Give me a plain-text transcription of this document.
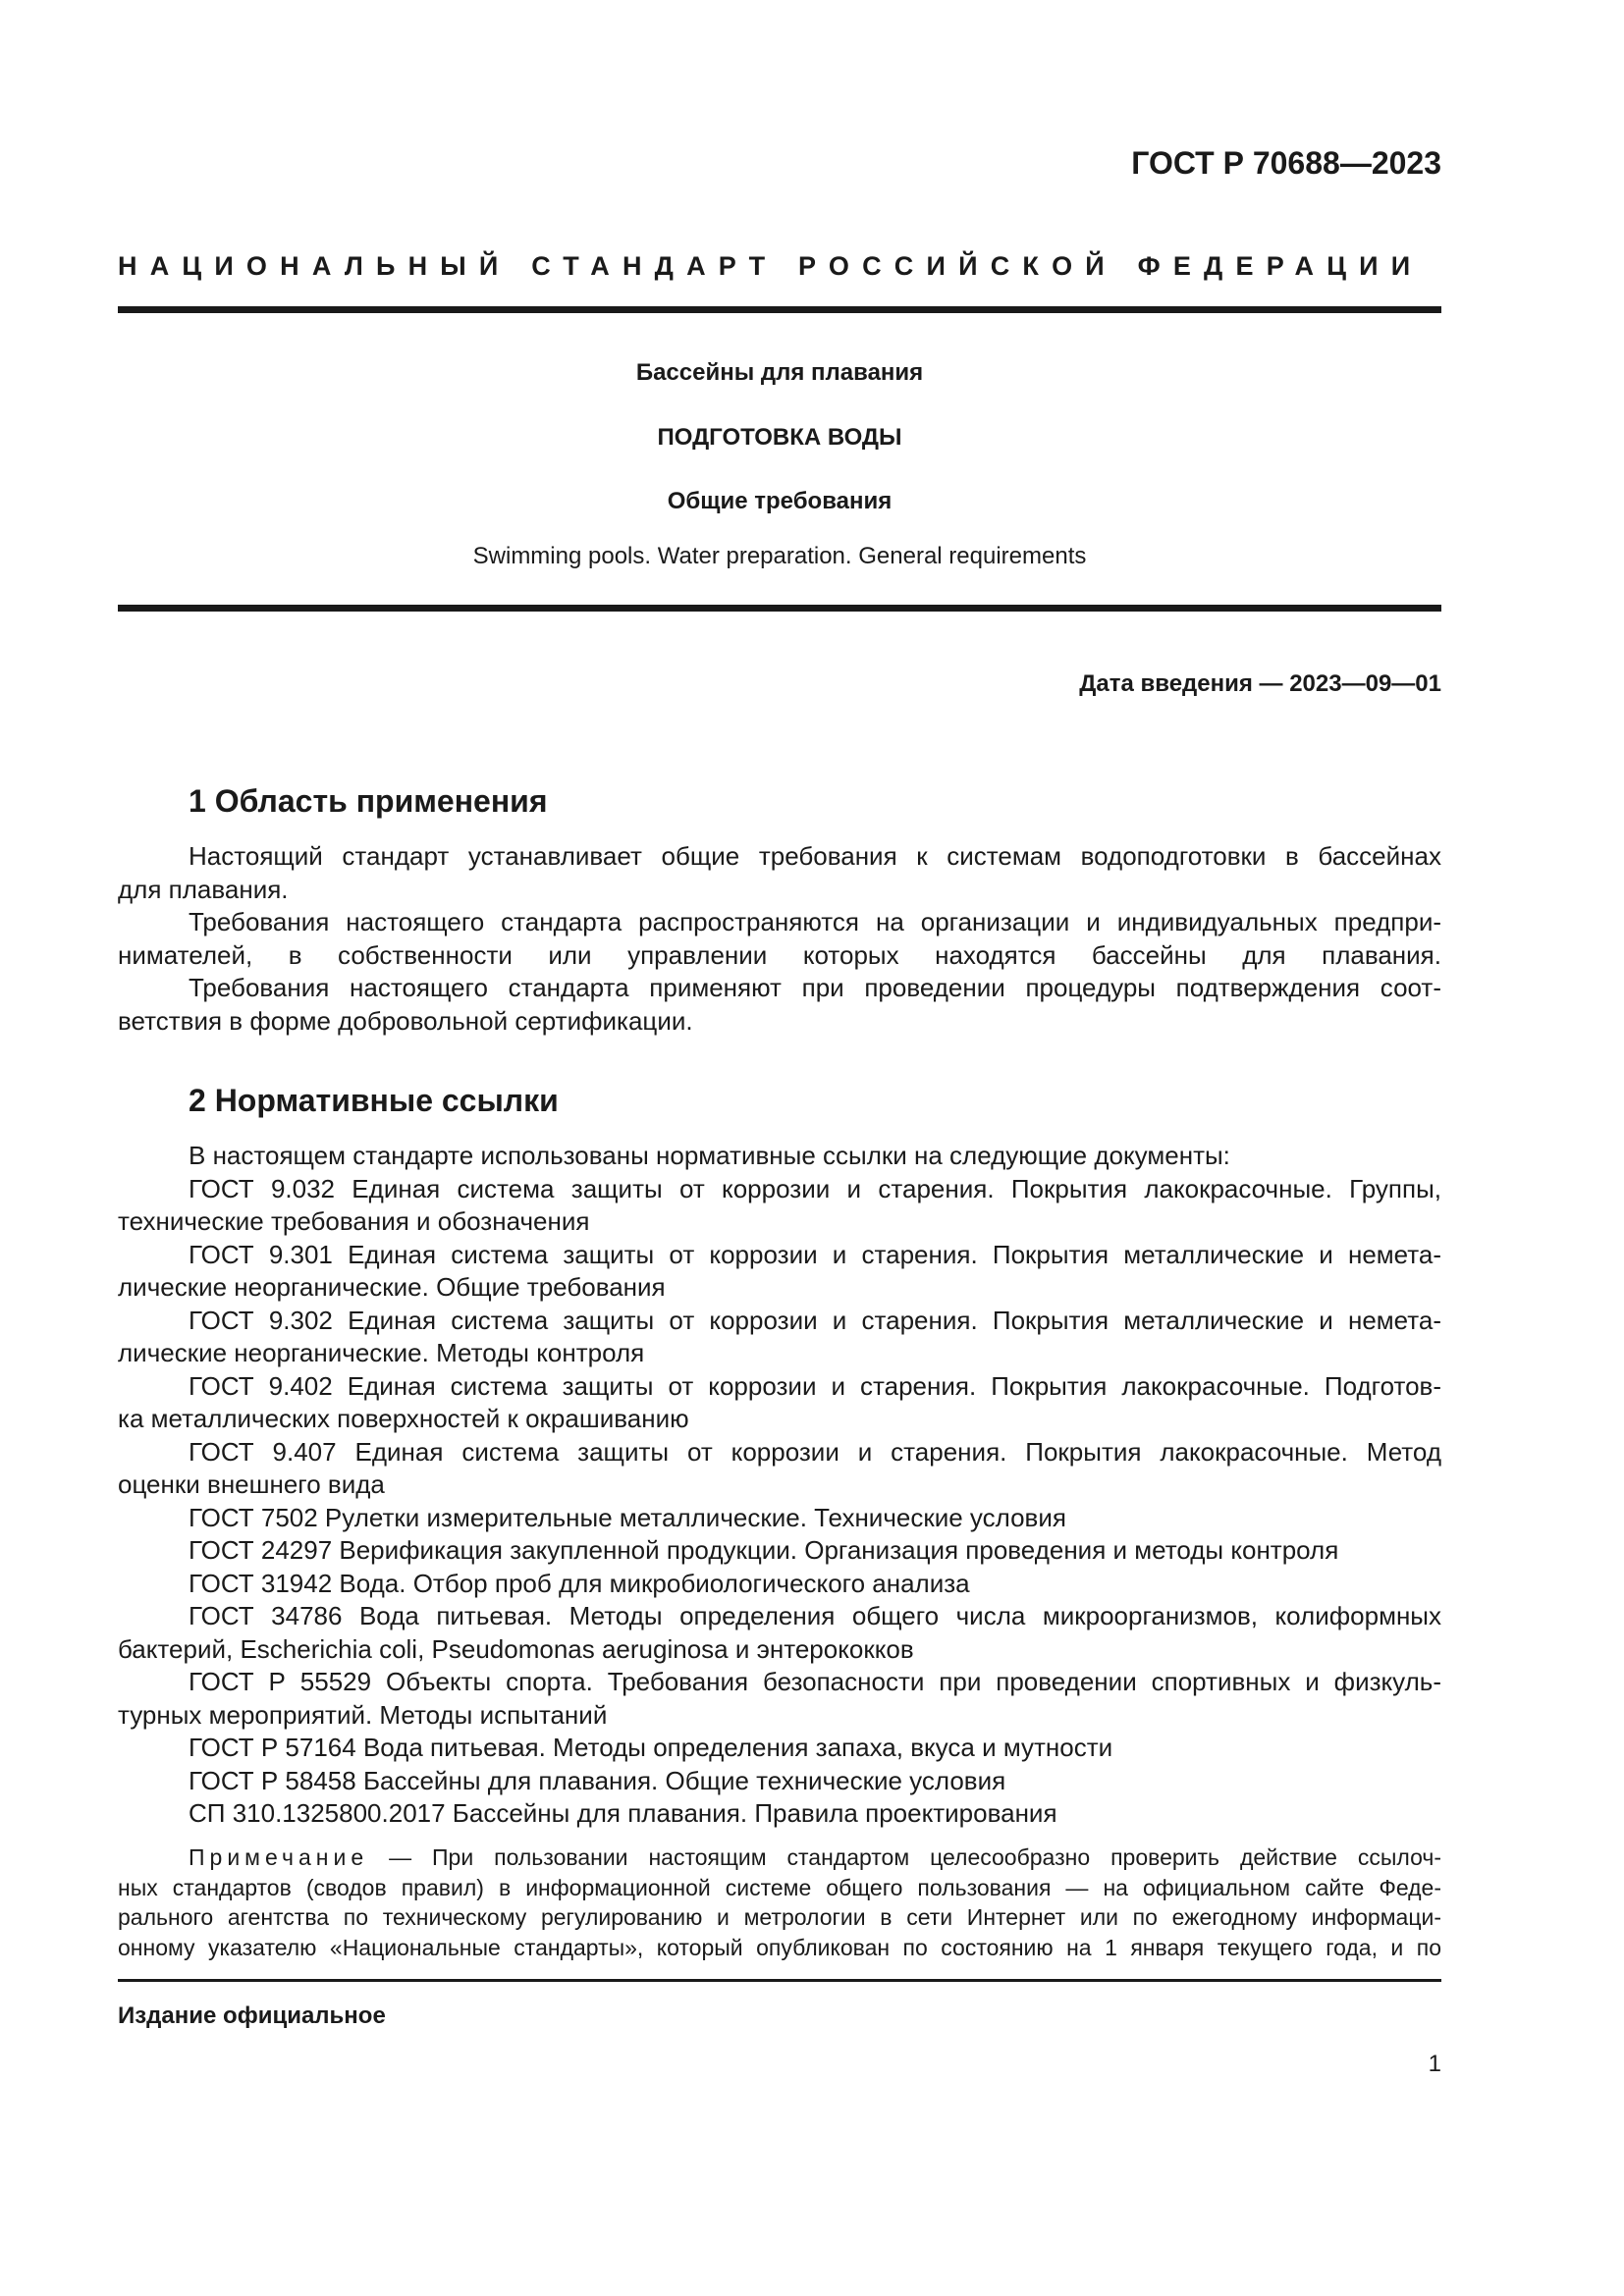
ГОСТ Р 70688—2023
НАЦИОНАЛЬНЫЙ СТАНДАРТ РОССИЙСКОЙ ФЕДЕРАЦИИ
Бассейны для плавания
ПОДГОТОВКА ВОДЫ
Общие требования
Swimming pools. Water preparation. General requirements
Дата введения — 2023—09—01
1 Область применения
Настоящий стандарт устанавливает общие требования к системам водоподготовки в бассейнах
для плавания.
Требования настоящего стандарта распространяются на организации и индивидуальных предпри-
нимателей, в собственности или управлении которых находятся бассейны для плавания.
Требования настоящего стандарта применяют при проведении процедуры подтверждения соот-
ветствия в форме добровольной сертификации.
2 Нормативные ссылки
В настоящем стандарте использованы нормативные ссылки на следующие документы:
ГОСТ 9.032 Единая система защиты от коррозии и старения. Покрытия лакокрасочные. Группы,
технические требования и обозначения
ГОСТ 9.301 Единая система защиты от коррозии и старения. Покрытия металлические и немета-
лические неорганические. Общие требования
ГОСТ 9.302 Единая система защиты от коррозии и старения. Покрытия металлические и немета-
лические неорганические. Методы контроля
ГОСТ 9.402 Единая система защиты от коррозии и старения. Покрытия лакокрасочные. Подготов-
ка металлических поверхностей к окрашиванию
ГОСТ 9.407 Единая система защиты от коррозии и старения. Покрытия лакокрасочные. Метод
оценки внешнего вида
ГОСТ 7502 Рулетки измерительные металлические. Технические условия
ГОСТ 24297 Верификация закупленной продукции. Организация проведения и методы контроля
ГОСТ 31942 Вода. Отбор проб для микробиологического анализа
ГОСТ 34786 Вода питьевая. Методы определения общего числа микроорганизмов, колиформных
бактерий, Escherichia coli, Pseudomonas aeruginosa и энтерококков
ГОСТ Р 55529 Объекты спорта. Требования безопасности при проведении спортивных и физкуль-
турных мероприятий. Методы испытаний
ГОСТ Р 57164 Вода питьевая. Методы определения запаха, вкуса и мутности
ГОСТ Р 58458 Бассейны для плавания. Общие технические условия
СП 310.1325800.2017 Бассейны для плавания. Правила проектирования
Примечание — При пользовании настоящим стандартом целесообразно проверить действие ссылоч-
ных стандартов (сводов правил) в информационной системе общего пользования — на официальном сайте Феде-
рального агентства по техническому регулированию и метрологии в сети Интернет или по ежегодному информаци-
онному указателю «Национальные стандарты», который опубликован по состоянию на 1 января текущего года, и по
Издание официальное
1
